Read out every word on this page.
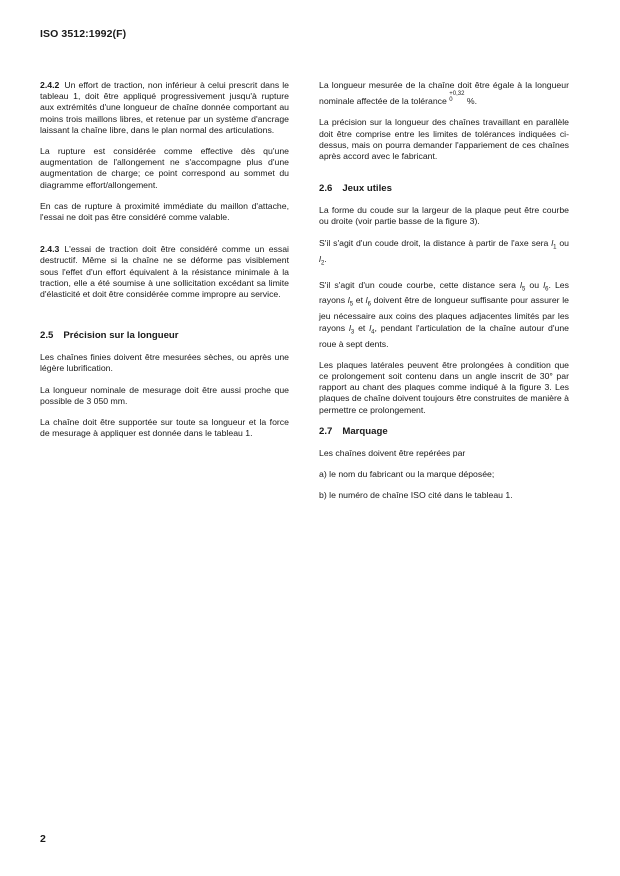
ISO 3512:1992(F)

2.4.2 Un effort de traction, non inférieur à celui prescrit dans le tableau 1, doit être appliqué progressivement jusqu'à rupture aux extrémités d'une longueur de chaîne donnée comportant au moins trois maillons libres, et retenue par un système d'ancrage laissant la chaîne libre, dans le plan normal des articulations.

La rupture est considérée comme effective dès qu'une augmentation de l'allongement ne s'accompagne plus d'une augmentation de charge; ce point correspond au sommet du diagramme effort/allongement.

En cas de rupture à proximité immédiate du maillon d'attache, l'essai ne doit pas être considéré comme valable.

2.4.3 L'essai de traction doit être considéré comme un essai destructif. Même si la chaîne ne se déforme pas visiblement sous l'effet d'un effort équivalent à la résistance minimale à la traction, elle a été soumise à une sollicitation excédant sa limite d'élasticité et doit être considérée comme impropre au service.

2.5 Précision sur la longueur

Les chaînes finies doivent être mesurées sèches, ou après une légère lubrification.

La longueur nominale de mesurage doit être aussi proche que possible de 3 050 mm.

La chaîne doit être supportée sur toute sa longueur et la force de mesurage à appliquer est donnée dans le tableau 1.

La longueur mesurée de la chaîne doit être égale à la longueur nominale affectée de la tolérance
+0,32
0	%.

La précision sur la longueur des chaînes travaillant en parallèle doit être comprise entre les limites de tolérances indiquées ci-dessus, mais on pourra demander l'appariement de ces chaînes après accord avec le fabricant.

2.6 Jeux utiles

La forme du coude sur la largeur de la plaque peut être courbe ou droite (voir partie basse de la figure 3).

S'il s'agit d'un coude droit, la distance à partir de l'axe sera $l_1$ ou $l_2$.

S'il s'agit d'un coude courbe, cette distance sera $l_5$ ou $l_6$. Les rayons $l_5$ et $l_6$ doivent être de longueur suffisante pour assurer le jeu nécessaire aux coins des plaques adjacentes limités par les rayons $l_3$ et $l_4$, pendant l'articulation de la chaîne autour d'une roue à sept dents.

Les plaques latérales peuvent être prolongées à condition que ce prolongement soit contenu dans un angle inscrit de 30° par rapport au chant des plaques comme indiqué à la figure 3. Les plaques de chaîne doivent toujours être construites de manière à permettre ce prolongement.

2.7 Marquage

Les chaînes doivent être repérées par

a) le nom du fabricant ou la marque déposée;

b) le numéro de chaîne ISO cité dans le tableau 1.

2
